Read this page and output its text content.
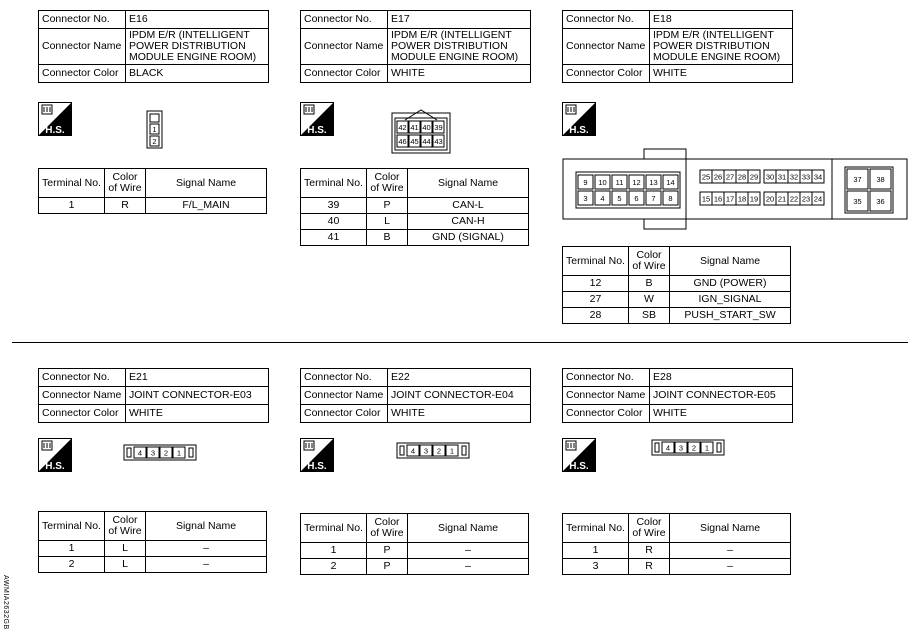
Connector No.	E16
Connector Name	IPDM E/R (INTELLIGENT POWER DISTRIBUTION MODULE ENGINE ROOM)
Connector Color	BLACK
H.S.	1
2
Terminal No.	Color of Wire	Signal Name
1	R	F/L_MAIN
Connector No.	E17
Connector Name	IPDM E/R (INTELLIGENT POWER DISTRIBUTION MODULE ENGINE ROOM)
Connector Color	WHITE
H.S.	42 41 40 39
46 45 44 43
Terminal No.	Color of Wire	Signal Name
39	P	CAN-L
40	L	CAN-H
41	B	GND (SIGNAL)
Connector No.	E18
Connector Name	IPDM E/R (INTELLIGENT POWER DISTRIBUTION MODULE ENGINE ROOM)
Connector Color	WHITE
H.S.
9 10 11 12 13 14
3 4 5 6 7 8
25 26 27 28 29 30 31 32 33 34
15 16 17 18 19 20 21 22 23 24
37 38
35 36
Terminal No.	Color of Wire	Signal Name
12	B	GND (POWER)
27	W	IGN_SIGNAL
28	SB	PUSH_START_SW
Connector No.	E21
Connector Name	JOINT CONNECTOR-E03
Connector Color	WHITE
H.S.
4 3 2 1
Terminal No.	Color of Wire	Signal Name
1	L	–
2	L	–
Connector No.	E22
Connector Name	JOINT CONNECTOR-E04
Connector Color	WHITE
H.S.
4 3 2 1
Terminal No.	Color of Wire	Signal Name
1	P	–
2	P	–
Connector No.	E28
Connector Name	JOINT CONNECTOR-E05
Connector Color	WHITE
H.S.
4 3 2 1
Terminal No.	Color of Wire	Signal Name
1	R	–
3	R	–
AWMIA2632GB
